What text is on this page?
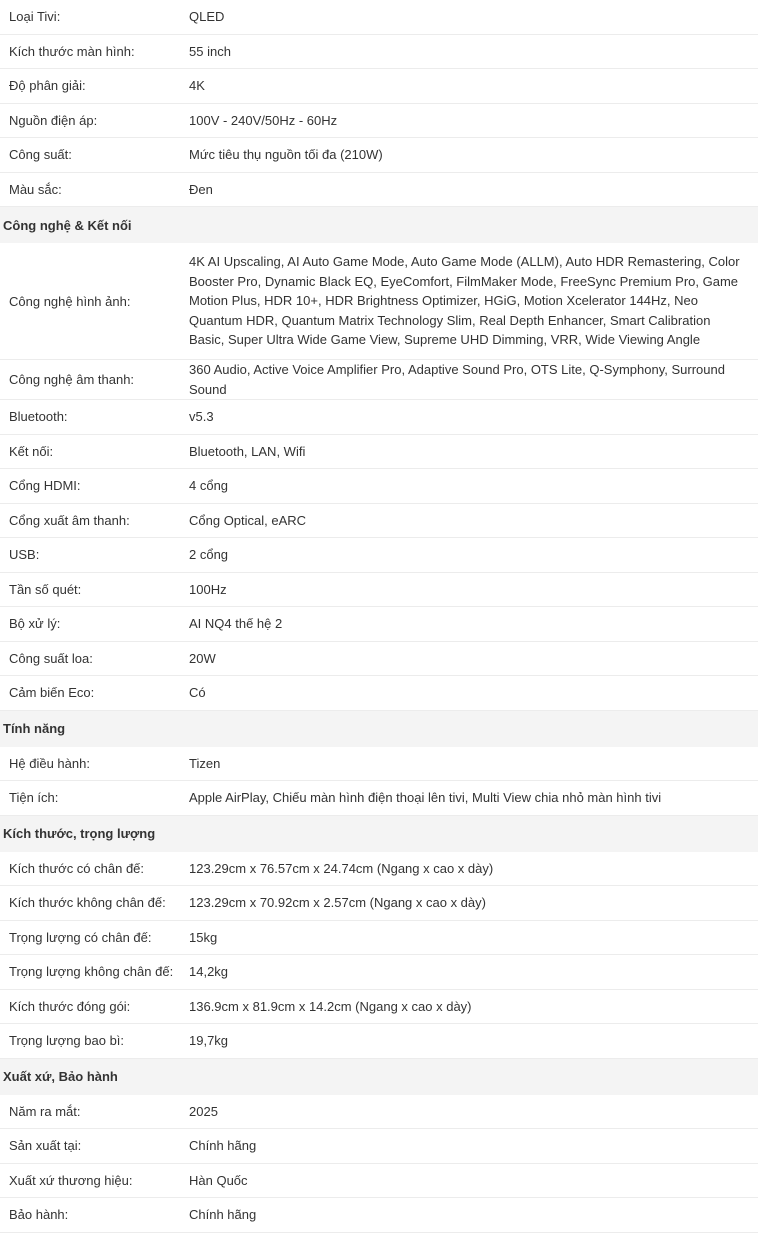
Loại Tivi:	QLED
Kích thước màn hình:	55 inch
Độ phân giải:	4K
Nguồn điện áp:	100V - 240V/50Hz - 60Hz
Công suất:	Mức tiêu thụ nguồn tối đa (210W)
Màu sắc:	Đen
Công nghệ & Kết nối
Công nghệ hình ảnh:
4K AI Upscaling, AI Auto Game Mode, Auto Game Mode (ALLM), Auto HDR Remastering, Color Booster Pro, Dynamic Black EQ, EyeComfort, FilmMaker Mode, FreeSync Premium Pro, Game Motion Plus, HDR 10+, HDR Brightness Optimizer, HGiG, Motion Xcelerator 144Hz, Neo Quantum HDR, Quantum Matrix Technology Slim, Real Depth Enhancer, Smart Calibration Basic, Super Ultra Wide Game View, Supreme UHD Dimming, VRR, Wide Viewing Angle
Công nghệ âm thanh:
360 Audio, Active Voice Amplifier Pro, Adaptive Sound Pro, OTS Lite, Q-Symphony, Surround Sound
Bluetooth:	v5.3
Kết nối:	Bluetooth, LAN, Wifi
Cổng HDMI:	4 cổng
Cổng xuất âm thanh:	Cổng Optical, eARC
USB:	2 cổng
Tần số quét:	100Hz
Bộ xử lý:	AI NQ4 thế hệ 2
Công suất loa:	20W
Cảm biến Eco:	Có
Tính năng
Hệ điều hành:	Tizen
Tiện ích:	Apple AirPlay, Chiếu màn hình điện thoại lên tivi, Multi View chia nhỏ màn hình tivi
Kích thước, trọng lượng
Kích thước có chân đế:	123.29cm x 76.57cm x 24.74cm (Ngang x cao x dày)
Kích thước không chân đế:	123.29cm x 70.92cm x 2.57cm (Ngang x cao x dày)
Trọng lượng có chân đế:	15kg
Trọng lượng không chân đế:	14,2kg
Kích thước đóng gói:	136.9cm x 81.9cm x 14.2cm (Ngang x cao x dày)
Trọng lượng bao bì:	19,7kg
Xuất xứ, Bảo hành
Năm ra mắt:	2025
Sản xuất tại:	Chính hãng
Xuất xứ thương hiệu:	Hàn Quốc
Bảo hành:	Chính hãng
